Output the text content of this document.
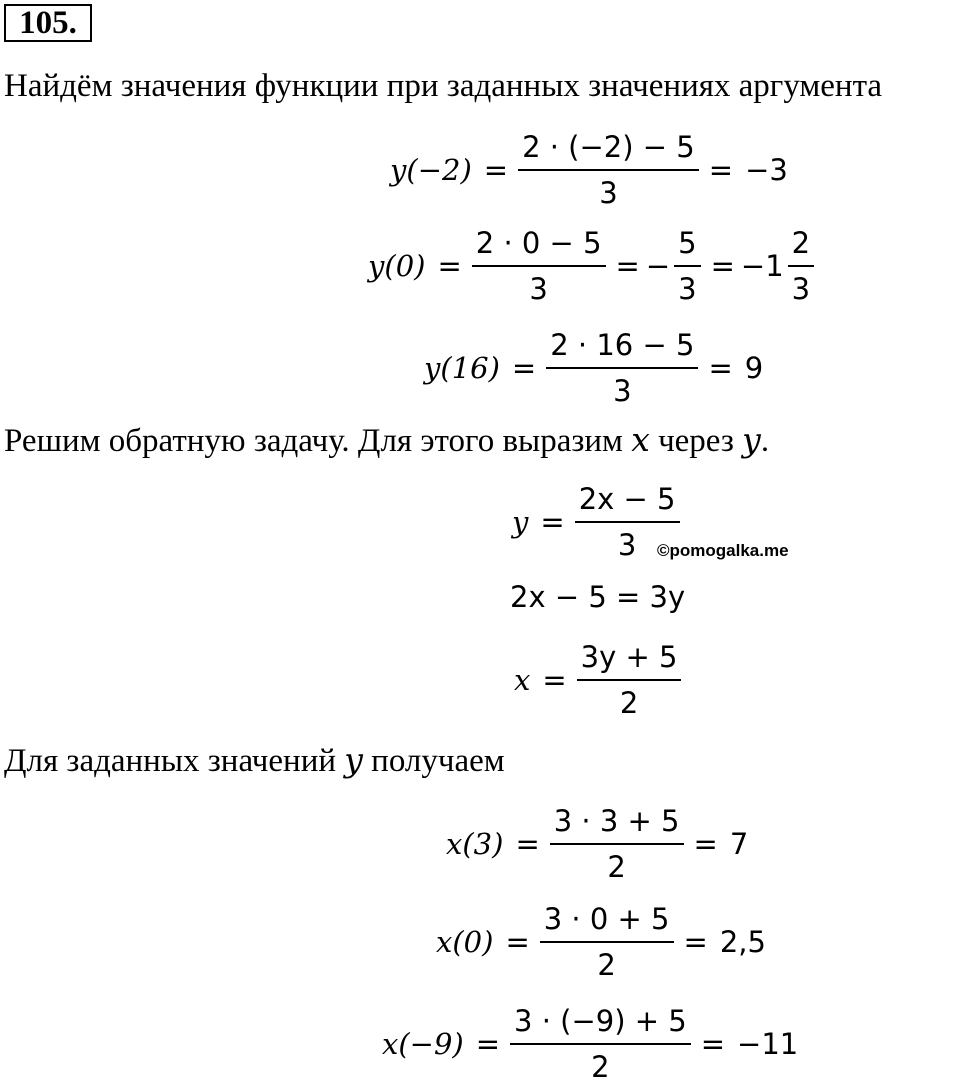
105.
Найдём значения функции при заданных значениях аргумента
$y(-2) = \frac{2 \cdot (-2) - 5}{3} = -3$
$y(0) = \frac{2 \cdot 0 - 5}{3}$ = − $\frac{5}{3} = -1 \frac{2}{3}$
$y(16) = \frac{2 \cdot 16 - 5}{3} = 9$
Решим обратную задачу. Для этого выразим x через y.
$y = \frac{2x - 5}{3}$
©pomogalka.me
2x − 5 = 3y
$x = \frac{3y + 5}{2}$
Для заданных значений y получаем
$x(3) = \frac{3 \cdot 3 + 5}{2} = 7$
$x(0) = \frac{3 \cdot 0 + 5}{2} = 2,5$
$x(-9) = \frac{3 \cdot (-9) + 5}{2} = -11$
